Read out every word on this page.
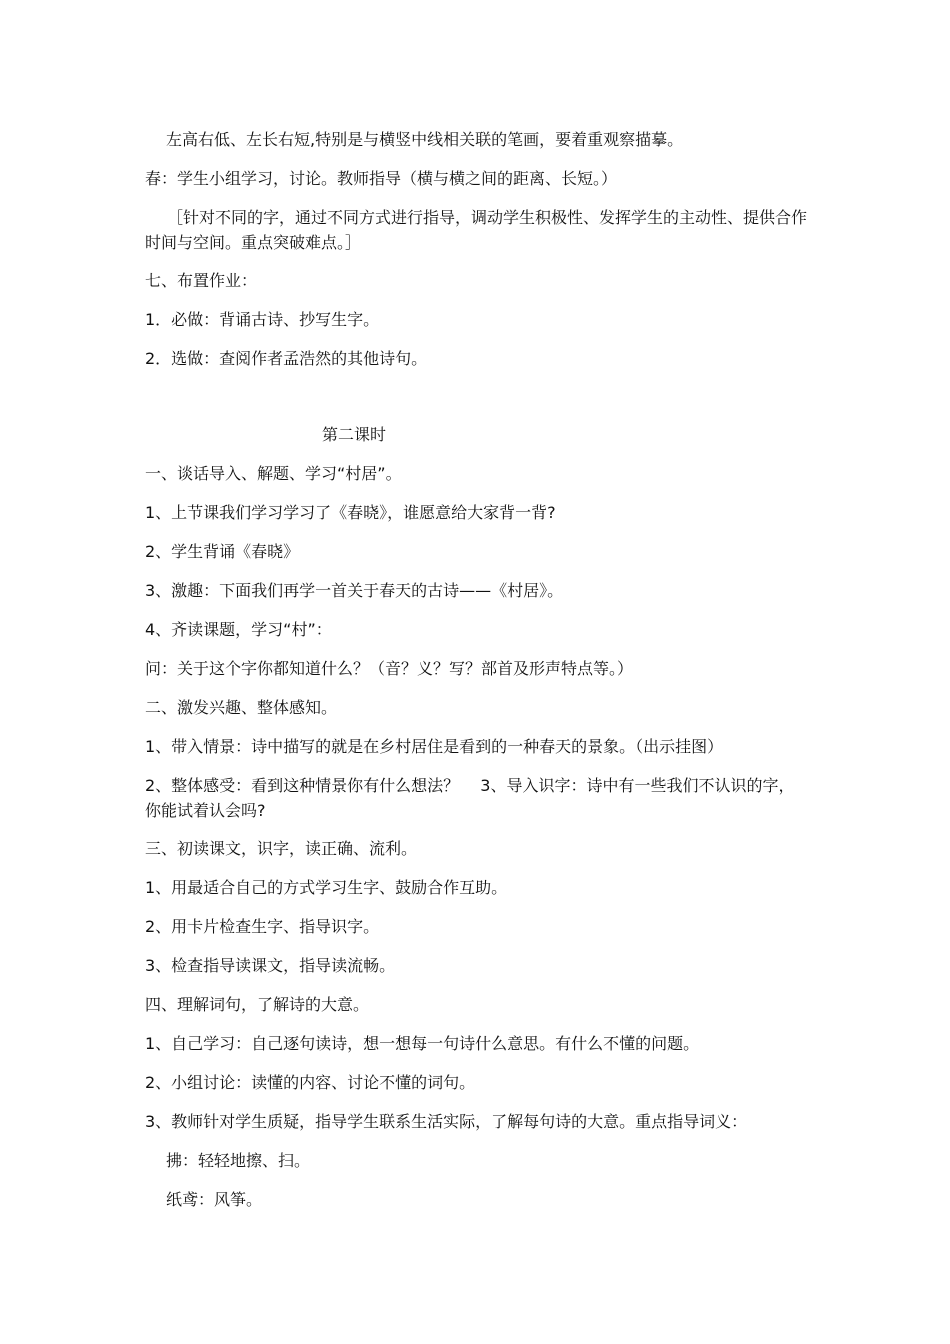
左高右低、左长右短,特别是与横竖中线相关联的笔画，要着重观察描摹。
春：学生小组学习，讨论。教师指导（横与横之间的距离、长短。）
［针对不同的字，通过不同方式进行指导，调动学生积极性、发挥学生的主动性、提供合作时间与空间。重点突破难点。］
七、布置作业：
1．必做：背诵古诗、抄写生字。
2．选做：查阅作者孟浩然的其他诗句。
第二课时
一、谈话导入、解题、学习“村居”。
1、上节课我们学习学习了《春晓》，谁愿意给大家背一背?
2、学生背诵《春晓》
3、激趣：下面我们再学一首关于春天的古诗——《村居》。
4、齐读课题，学习“村”：
问：关于这个字你都知道什么？（音？义？写？部首及形声特点等。）
二、激发兴趣、整体感知。
1、带入情景：诗中描写的就是在乡村居住是看到的一种春天的景象。（出示挂图）
2、整体感受：看到这种情景你有什么想法？　 3、导入识字：诗中有一些我们不认识的字，你能试着认会吗?
三、初读课文，识字，读正确、流利。
1、用最适合自己的方式学习生字、鼓励合作互助。
2、用卡片检查生字、指导识字。
3、检查指导读课文，指导读流畅。
四、理解词句，了解诗的大意。
1、自己学习：自己逐句读诗，想一想每一句诗什么意思。有什么不懂的问题。
2、小组讨论：读懂的内容、讨论不懂的词句。
3、教师针对学生质疑，指导学生联系生活实际，了解每句诗的大意。重点指导词义：
拂：轻轻地擦、扫。
纸鸢：风筝。
